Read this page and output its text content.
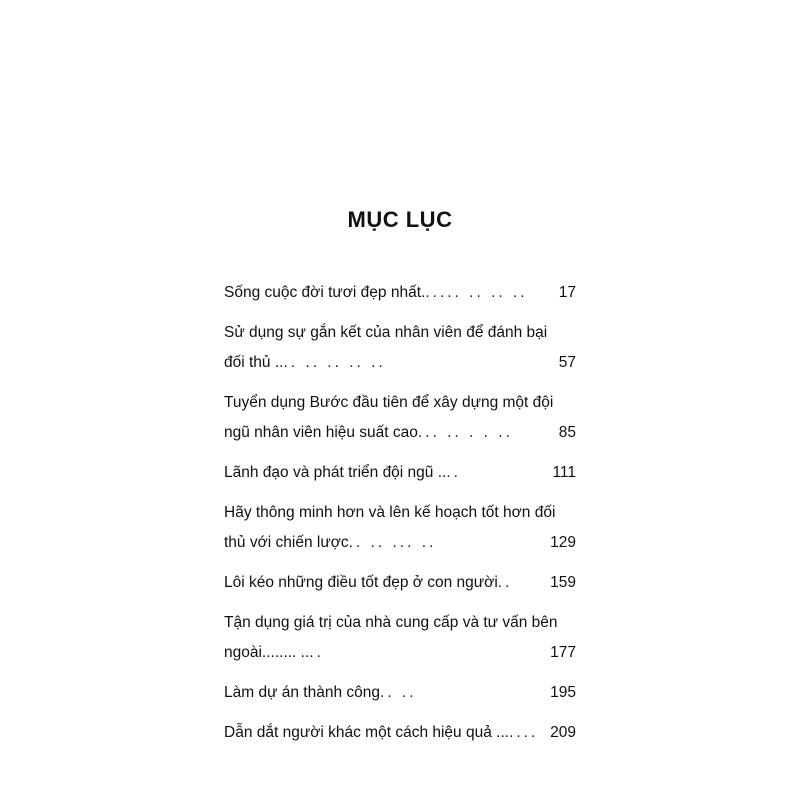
MỤC LỤC
Sống cuộc đời tươi đẹp nhất. ..... .. .. ..	17
Sử dụng sự gắn kết của nhân viên để đánh bại
đối thủ .. .. .. .. .. ..	57
Tuyển dụng Bước đầu tiên để xây dựng một đội
ngũ nhân viên hiệu suất cao ... .. . . ..	85
Lãnh đạo và phát triển đội ngũ .. ..	111
Hãy thông minh hơn và lên kế hoạch tốt hơn đối
thủ với chiến lược .. .. ... ..	129
Lôi kéo những điều tốt đẹp ở con người ..	159
Tận dụng giá trị của nhà cung cấp và tư vấn bên
ngoài........ .. ..	177
Làm dự án thành công .. ..	195
Dẫn dắt người khác một cách hiệu quả ... .... 209
